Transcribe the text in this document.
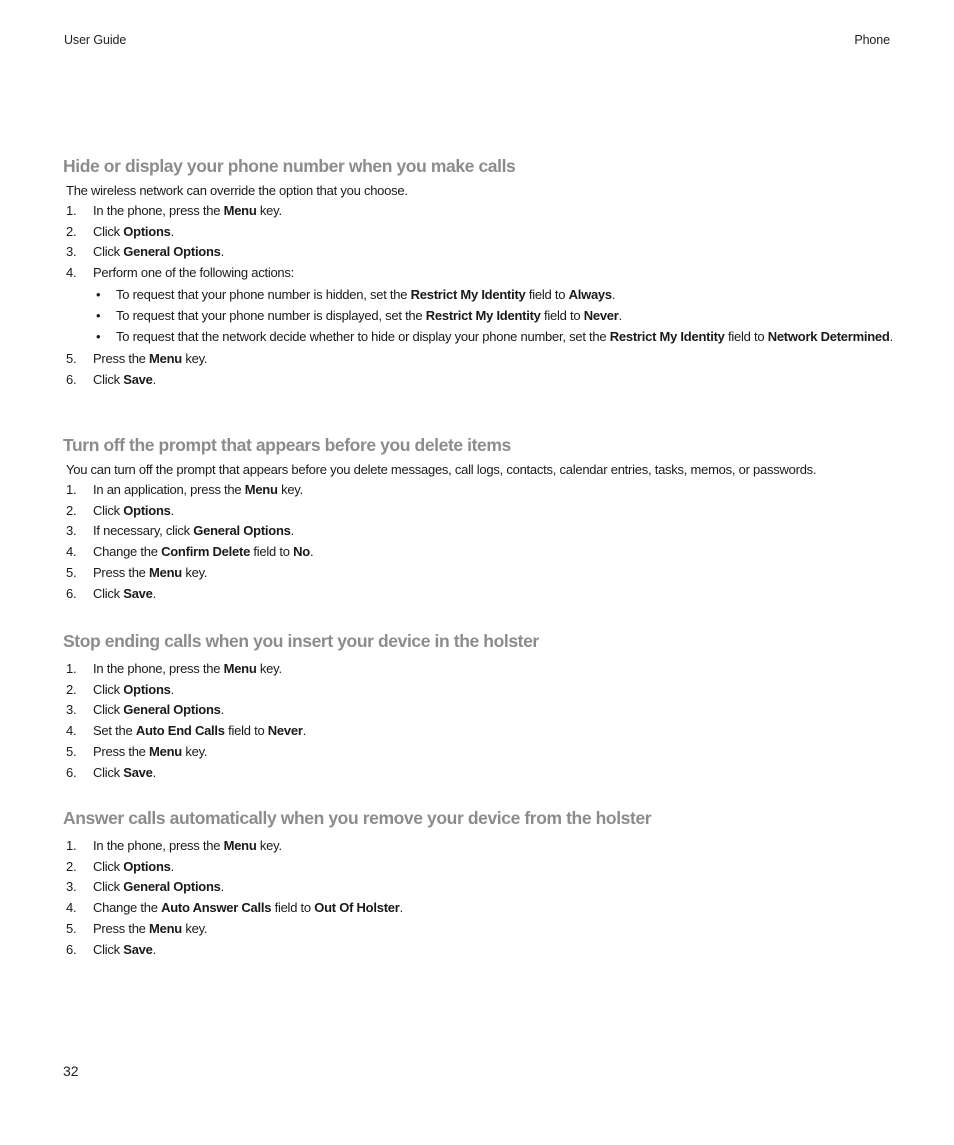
User Guide	Phone
Hide or display your phone number when you make calls

The wireless network can override the option that you choose.

1. In the phone, press the Menu key.
2. Click Options.
3. Click General Options.
4. Perform one of the following actions:
• To request that your phone number is hidden, set the Restrict My Identity field to Always.
• To request that your phone number is displayed, set the Restrict My Identity field to Never.
• To request that the network decide whether to hide or display your phone number, set the Restrict My Identity field to Network Determined.
5. Press the Menu key.
6. Click Save.
Turn off the prompt that appears before you delete items

You can turn off the prompt that appears before you delete messages, call logs, contacts, calendar entries, tasks, memos, or passwords.

1. In an application, press the Menu key.
2. Click Options.
3. If necessary, click General Options.
4. Change the Confirm Delete field to No.
5. Press the Menu key.
6. Click Save.
Stop ending calls when you insert your device in the holster
1. In the phone, press the Menu key.
2. Click Options.
3. Click General Options.
4. Set the Auto End Calls field to Never.
5. Press the Menu key.
6. Click Save.
Answer calls automatically when you remove your device from the holster
1. In the phone, press the Menu key.
2. Click Options.
3. Click General Options.
4. Change the Auto Answer Calls field to Out Of Holster.
5. Press the Menu key.
6. Click Save.
32
